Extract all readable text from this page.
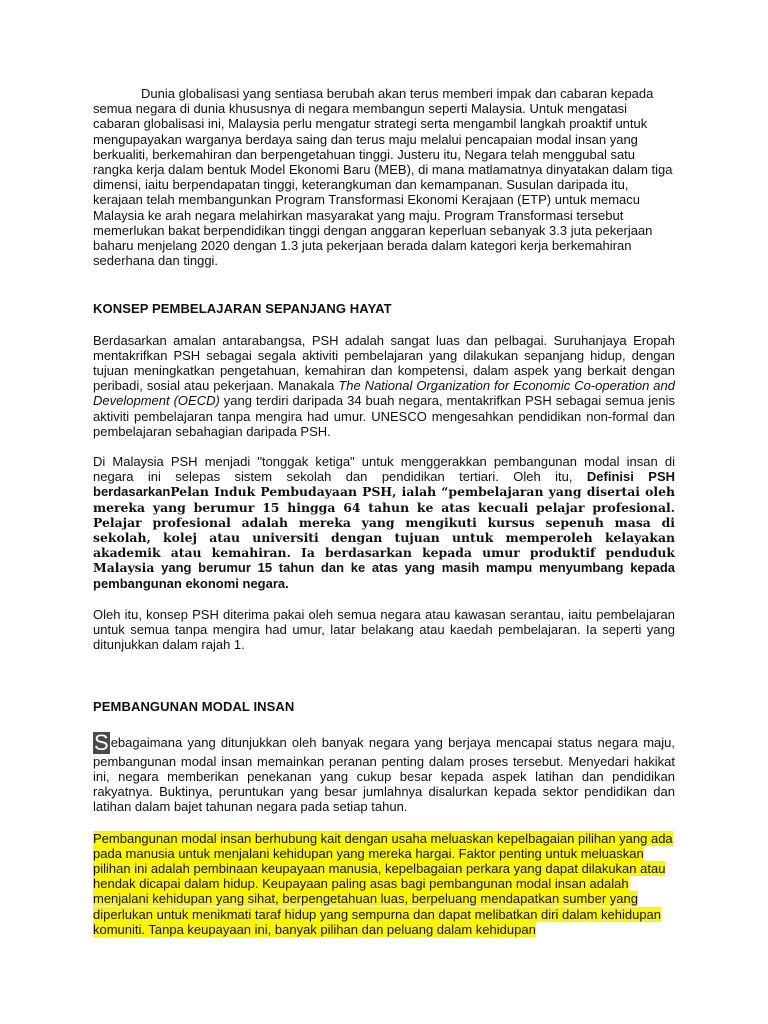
Dunia globalisasi yang sentiasa berubah akan terus memberi impak dan cabaran kepada semua negara di dunia khususnya di negara membangun seperti Malaysia. Untuk mengatasi cabaran globalisasi ini, Malaysia perlu mengatur strategi serta mengambil langkah proaktif untuk mengupayakan warganya berdaya saing dan terus maju melalui pencapaian modal insan yang berkualiti, berkemahiran dan berpengetahuan tinggi. Justeru itu, Negara telah menggubal satu rangka kerja dalam bentuk Model Ekonomi Baru (MEB), di mana matlamatnya dinyatakan dalam tiga dimensi, iaitu berpendapatan tinggi, keterangkuman dan kemampanan. Susulan daripada itu, kerajaan telah membangunkan Program Transformasi Ekonomi Kerajaan (ETP) untuk memacu Malaysia ke arah negara melahirkan masyarakat yang maju. Program Transformasi tersebut memerlukan bakat berpendidikan tinggi dengan anggaran keperluan sebanyak 3.3 juta pekerjaan baharu menjelang 2020 dengan 1.3 juta pekerjaan berada dalam kategori kerja berkemahiran sederhana dan tinggi.

KONSEP PEMBELAJARAN SEPANJANG HAYAT

Berdasarkan amalan antarabangsa, PSH adalah sangat luas dan pelbagai. Suruhanjaya Eropah mentakrifkan PSH sebagai segala aktiviti pembelajaran yang dilakukan sepanjang hidup, dengan tujuan meningkatkan pengetahuan, kemahiran dan kompetensi, dalam aspek yang berkait dengan peribadi, sosial atau pekerjaan. Manakala The National Organization for Economic Co-operation and Development (OECD) yang terdiri daripada 34 buah negara, mentakrifkan PSH sebagai semua jenis aktiviti pembelajaran tanpa mengira had umur. UNESCO mengesahkan pendidikan non-formal dan pembelajaran sebahagian daripada PSH.

Di Malaysia PSH menjadi "tonggak ketiga" untuk menggerakkan pembangunan modal insan di negara ini selepas sistem sekolah dan pendidikan tertiari. Oleh itu, Definisi PSH berdasarkanPelan Induk Pembudayaan PSH, ialah “pembelajaran yang disertai oleh mereka yang berumur 15 hingga 64 tahun ke atas kecuali pelajar profesional. Pelajar profesional adalah mereka yang mengikuti kursus sepenuh masa di sekolah, kolej atau universiti dengan tujuan untuk memperoleh kelayakan akademik atau kemahiran. Ia berdasarkan kepada umur produktif penduduk Malaysia yang berumur 15 tahun dan ke atas yang masih mampu menyumbang kepada pembangunan ekonomi negara.

Oleh itu, konsep PSH diterima pakai oleh semua negara atau kawasan serantau, iaitu pembelajaran untuk semua tanpa mengira had umur, latar belakang atau kaedah pembelajaran. Ia seperti yang ditunjukkan dalam rajah 1.

PEMBANGUNAN MODAL INSAN

S ebagaimana yang ditunjukkan oleh banyak negara yang berjaya mencapai status negara maju, pembangunan modal insan memainkan peranan penting dalam proses tersebut. Menyedari hakikat ini, negara memberikan penekanan yang cukup besar kepada aspek latihan dan pendidikan rakyatnya. Buktinya, peruntukan yang besar jumlahnya disalurkan kepada sektor pendidikan dan latihan dalam bajet tahunan negara pada setiap tahun.

Pembangunan modal insan berhubung kait dengan usaha meluaskan kepelbagaian pilihan yang ada pada manusia untuk menjalani kehidupan yang mereka hargai. Faktor penting untuk meluaskan pilihan ini adalah pembinaan keupayaan manusia, kepelbagaian perkara yang dapat dilakukan atau hendak dicapai dalam hidup. Keupayaan paling asas bagi pembangunan modal insan adalah menjalani kehidupan yang sihat, berpengetahuan luas, berpeluang mendapatkan sumber yang diperlukan untuk menikmati taraf hidup yang sempurna dan dapat melibatkan diri dalam kehidupan komuniti. Tanpa keupayaan ini, banyak pilihan dan peluang dalam kehidupan
